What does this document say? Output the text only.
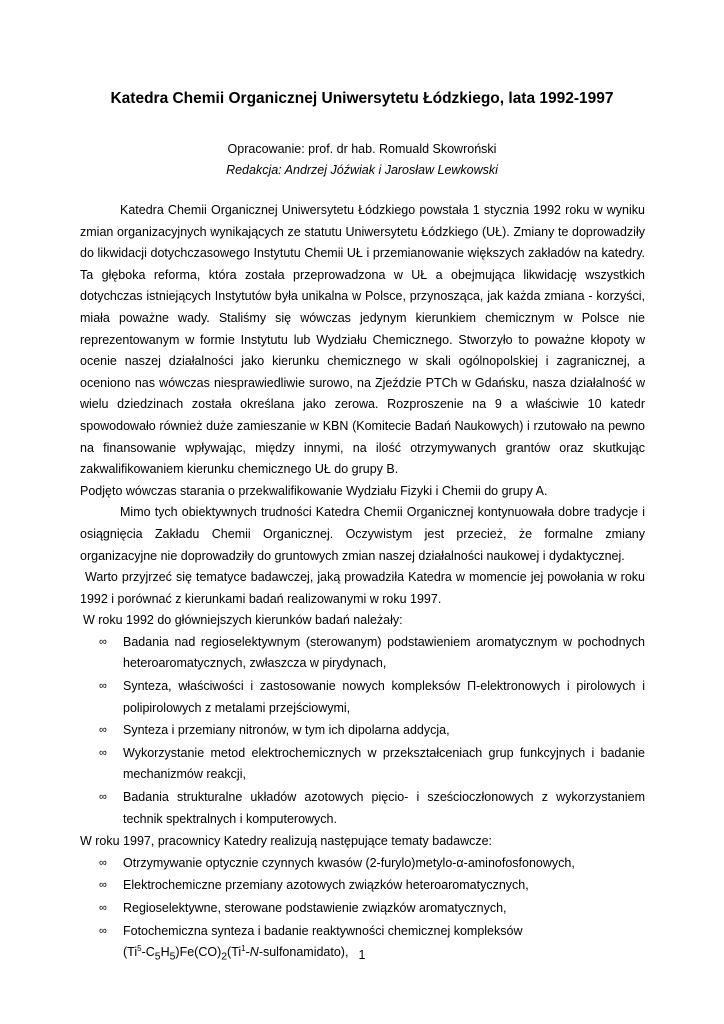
Katedra Chemii Organicznej Uniwersytetu Łódzkiego, lata 1992-1997
Opracowanie: prof. dr hab. Romuald Skowroński
Redakcja: Andrzej Jóźwiak i Jarosław Lewkowski

Katedra Chemii Organicznej Uniwersytetu Łódzkiego powstała 1 stycznia 1992 roku w wyniku zmian organizacyjnych wynikających ze statutu Uniwersytetu Łódzkiego (UŁ). Zmiany te doprowadziły do likwidacji dotychczasowego Instytutu Chemii UŁ i przemianowanie większych zakładów na katedry. Ta głęboka reforma, która została przeprowadzona w UŁ a obejmująca likwidację wszystkich dotychczas istniejących Instytutów była unikalna w Polsce, przynosząca, jak każda zmiana - korzyści, miała poważne wady. Staliśmy się wówczas jedynym kierunkiem chemicznym w Polsce nie reprezentowanym w formie Instytutu lub Wydziału Chemicznego. Stworzyło to poważne kłopoty w ocenie naszej działalności jako kierunku chemicznego w skali ogólnopolskiej i zagranicznej, a oceniono nas wówczas niesprawiedliwie surowo, na Zjeździe PTCh w Gdańsku, nasza działalność w wielu dziedzinach została określana jako zerowa. Rozproszenie na 9 a właściwie 10 katedr spowodowało również duże zamieszanie w KBN (Komitecie Badań Naukowych) i rzutowało na pewno na finansowanie wpływając, między innymi, na ilość otrzymywanych grantów oraz skutkując zakwalifikowaniem kierunku chemicznego UŁ do grupy B.

Podjęto wówczas starania o przekwalifikowanie Wydziału Fizyki i Chemii do grupy A.

Mimo tych obiektywnych trudności Katedra Chemii Organicznej kontynuowała dobre tradycje i osiągnięcia Zakładu Chemii Organicznej. Oczywistym jest przecież, że formalne zmiany organizacyjne nie doprowadziły do gruntowych zmian naszej działalności naukowej i dydaktycznej.

Warto przyjrzeć się tematyce badawczej, jaką prowadziła Katedra w momencie jej powołania w roku 1992 i porównać z kierunkami badań realizowanymi w roku 1997.

W roku 1992 do główniejszych kierunków badań należały:

∞ Badania nad regioselektywnym (sterowanym) podstawieniem aromatycznym w pochodnych heteroaromatycznych, zwłaszcza w pirydynach,
∞ Synteza, właściwości i zastosowanie nowych kompleksów Π-elektronowych i pirolowych i polipirolowych z metalami przejściowymi,
∞ Synteza i przemiany nitronów, w tym ich dipolarna addycja,
∞ Wykorzystanie metod elektrochemicznych w przekształceniach grup funkcyjnych i badanie mechanizmów reakcji,
∞ Badania strukturalne układów azotowych pięcio- i sześcioczłonowych z wykorzystaniem technik spektralnych i komputerowych.

W roku 1997, pracownicy Katedry realizują następujące tematy badawcze:

∞ Otrzymywanie optycznie czynnych kwasów (2-furylo)metylo-α-aminofosfonowych,
∞ Elektrochemiczne przemiany azotowych związków heteroaromatycznych,
∞ Regioselektywne, sterowane podstawienie związków aromatycznych,
∞ Fotochemiczna synteza i badanie reaktywności chemicznej kompleksów
$(Ti^5-C_5H_5)Fe(CO)_2(Ti^1-N-sulfonamidato)$, 1
